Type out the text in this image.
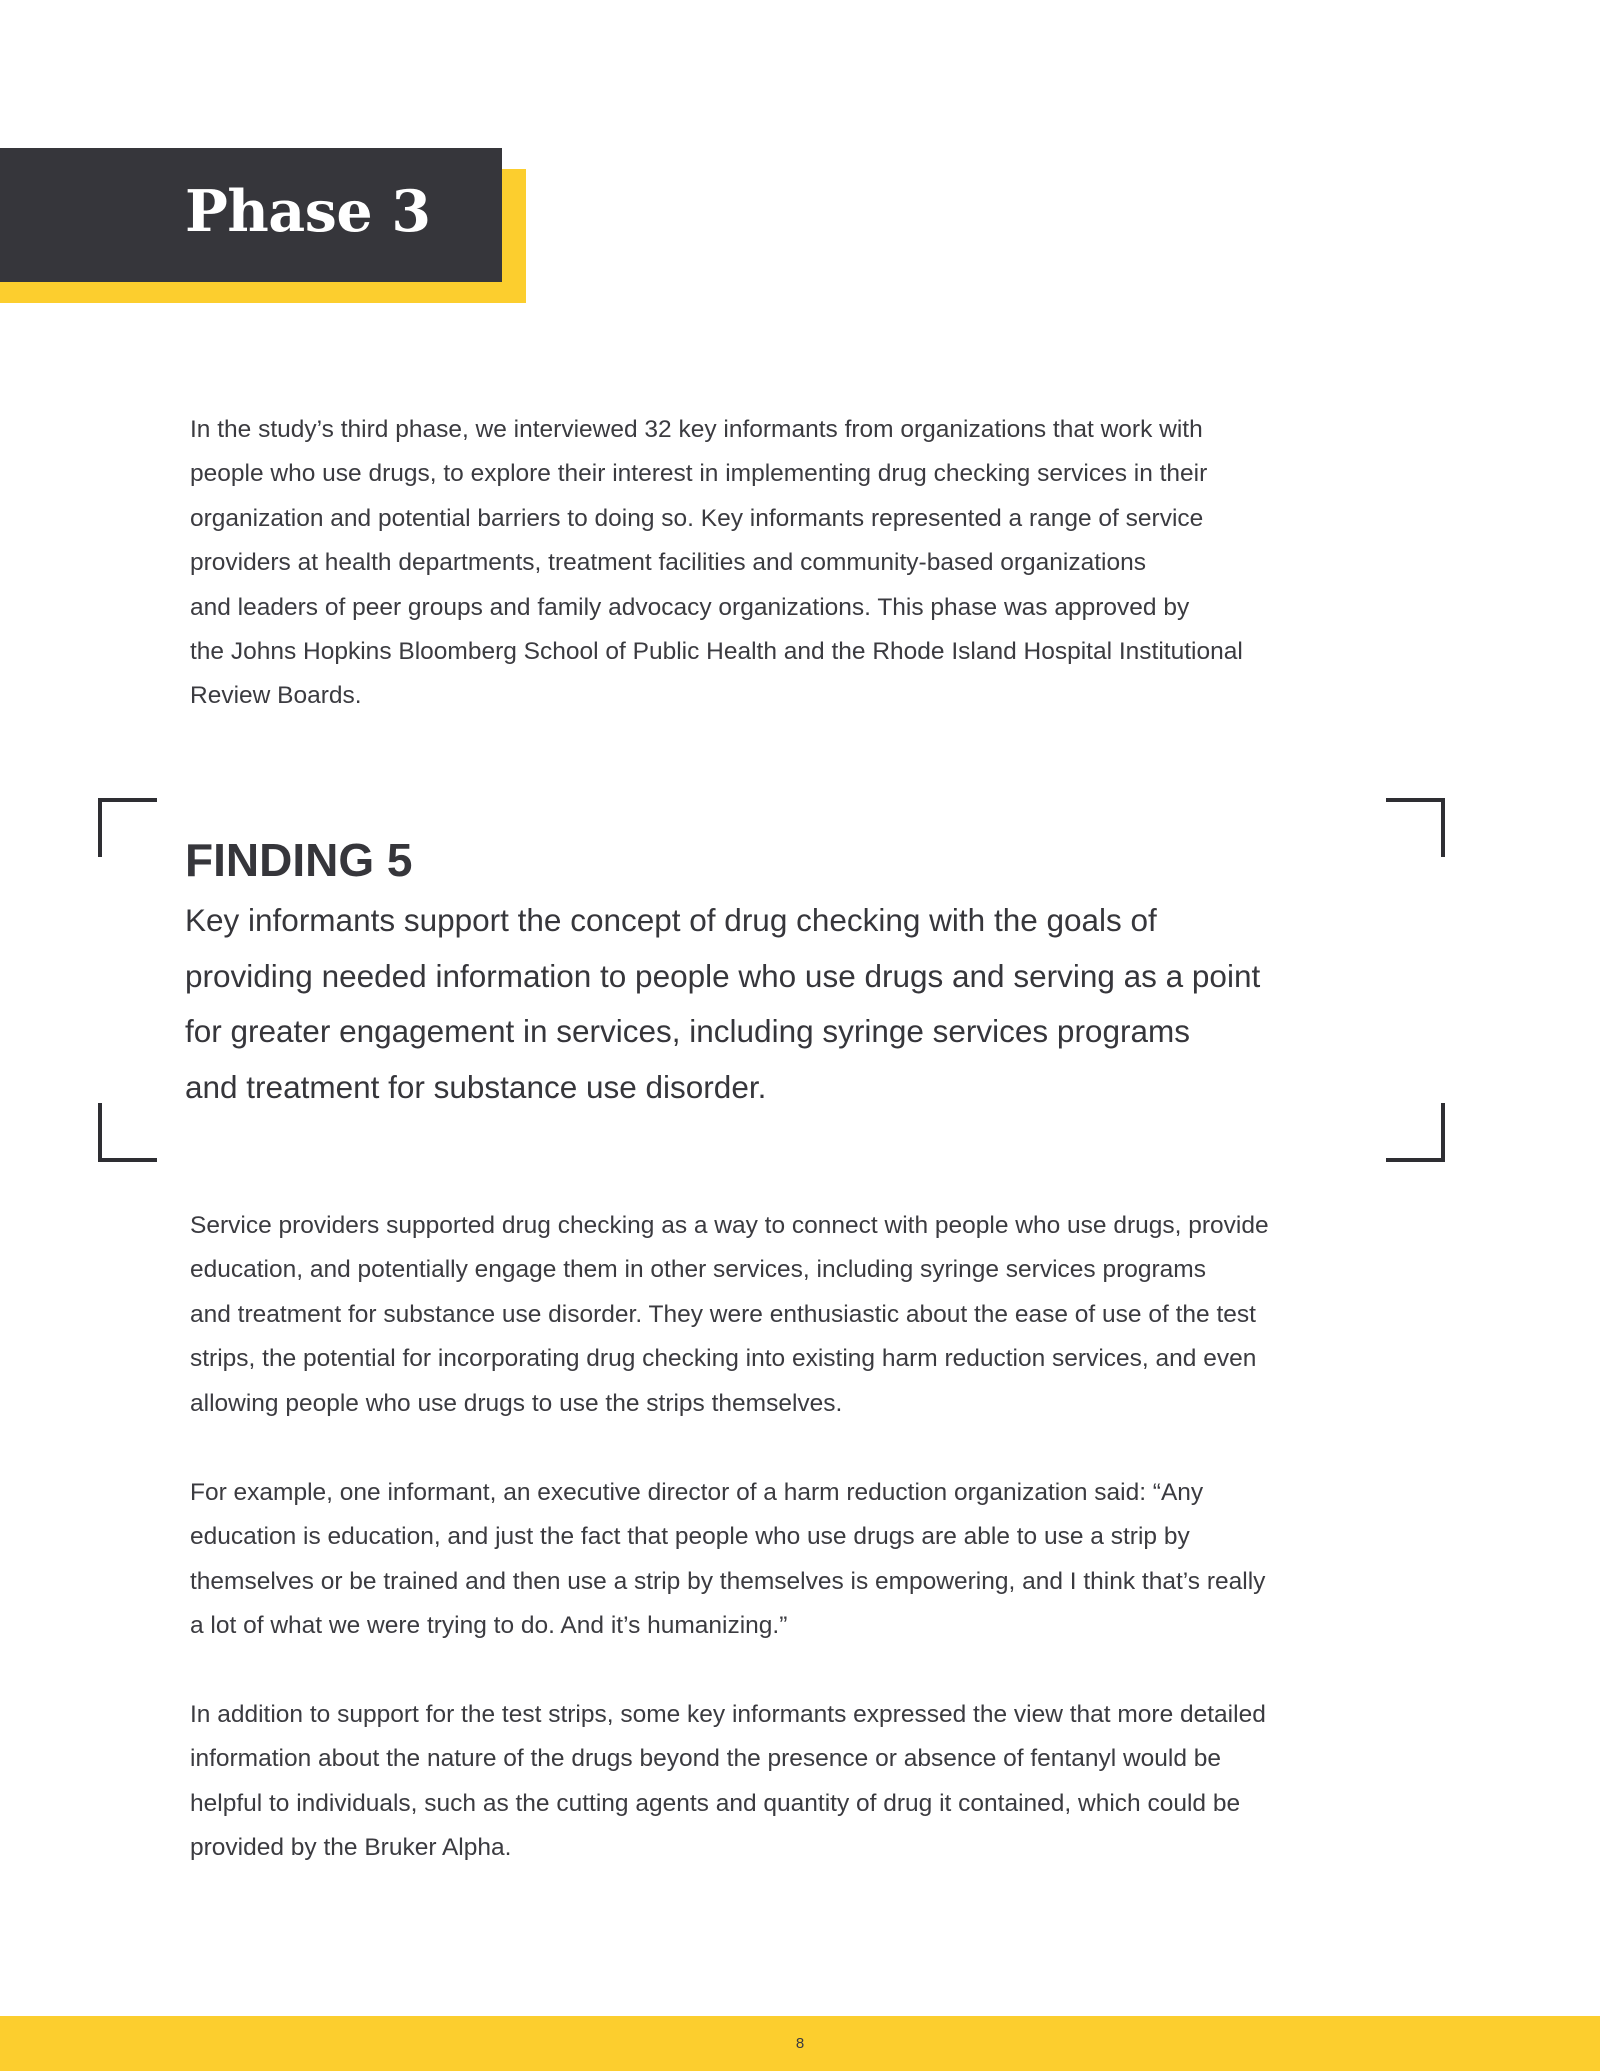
Phase 3

In the study’s third phase, we interviewed 32 key informants from organizations that work with
people who use drugs, to explore their interest in implementing drug checking services in their
organization and potential barriers to doing so. Key informants represented a range of service
providers at health departments, treatment facilities and community-based organizations
and leaders of peer groups and family advocacy organizations. This phase was approved by
the Johns Hopkins Bloomberg School of Public Health and the Rhode Island Hospital Institutional
Review Boards.

FINDING 5

Key informants support the concept of drug checking with the goals of
providing needed information to people who use drugs and serving as a point
for greater engagement in services, including syringe services programs
and treatment for substance use disorder.

Service providers supported drug checking as a way to connect with people who use drugs, provide
education, and potentially engage them in other services, including syringe services programs
and treatment for substance use disorder. They were enthusiastic about the ease of use of the test
strips, the potential for incorporating drug checking into existing harm reduction services, and even
allowing people who use drugs to use the strips themselves.

For example, one informant, an executive director of a harm reduction organization said: “Any
education is education, and just the fact that people who use drugs are able to use a strip by
themselves or be trained and then use a strip by themselves is empowering, and I think that’s really
a lot of what we were trying to do. And it’s humanizing.”

In addition to support for the test strips, some key informants expressed the view that more detailed
information about the nature of the drugs beyond the presence or absence of fentanyl would be
helpful to individuals, such as the cutting agents and quantity of drug it contained, which could be
provided by the Bruker Alpha.

8
